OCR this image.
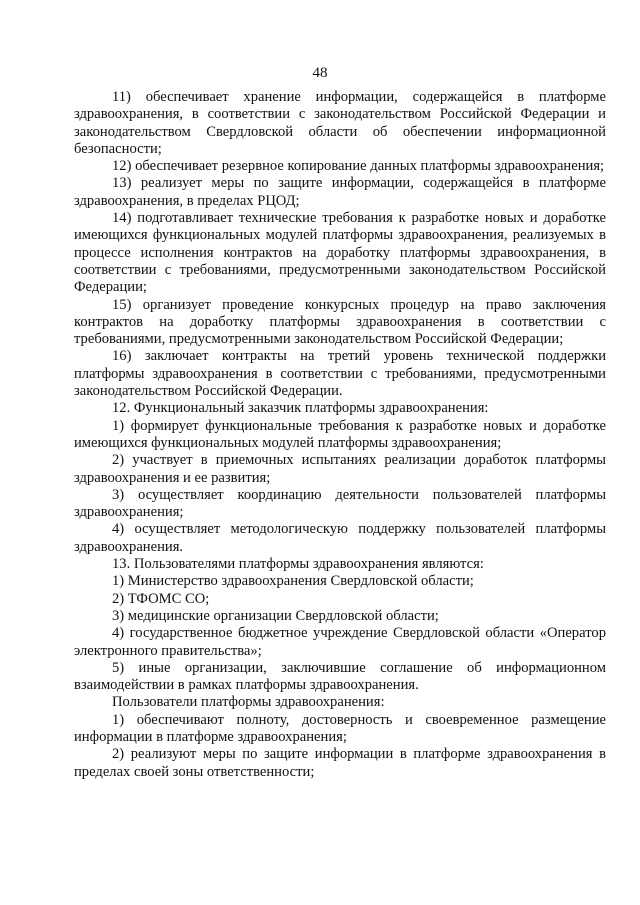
48

11) обеспечивает хранение информации, содержащейся в платформе здравоохранения, в соответствии с законодательством Российской Федерации и законодательством Свердловской области об обеспечении информационной безопасности;

12) обеспечивает резервное копирование данных платформы здравоохранения;

13) реализует меры по защите информации, содержащейся в платформе здравоохранения, в пределах РЦОД;

14) подготавливает технические требования к разработке новых и доработке имеющихся функциональных модулей платформы здравоохранения, реализуемых в процессе исполнения контрактов на доработку платформы здравоохранения, в соответствии с требованиями, предусмотренными законодательством Российской Федерации;

15) организует проведение конкурсных процедур на право заключения контрактов на доработку платформы здравоохранения в соответствии с требованиями, предусмотренными законодательством Российской Федерации;

16) заключает контракты на третий уровень технической поддержки платформы здравоохранения в соответствии с требованиями, предусмотренными законодательством Российской Федерации.

12. Функциональный заказчик платформы здравоохранения:

1) формирует функциональные требования к разработке новых и доработке имеющихся функциональных модулей платформы здравоохранения;

2) участвует в приемочных испытаниях реализации доработок платформы здравоохранения и ее развития;

3) осуществляет координацию деятельности пользователей платформы здравоохранения;

4) осуществляет методологическую поддержку пользователей платформы здравоохранения.

13. Пользователями платформы здравоохранения являются:

1) Министерство здравоохранения Свердловской области;

2) ТФОМС СО;

3) медицинские организации Свердловской области;

4) государственное бюджетное учреждение Свердловской области «Оператор электронного правительства»;

5) иные организации, заключившие соглашение об информационном взаимодействии в рамках платформы здравоохранения.

Пользователи платформы здравоохранения:

1) обеспечивают полноту, достоверность и своевременное размещение информации в платформе здравоохранения;

2) реализуют меры по защите информации в платформе здравоохранения в пределах своей зоны ответственности;
